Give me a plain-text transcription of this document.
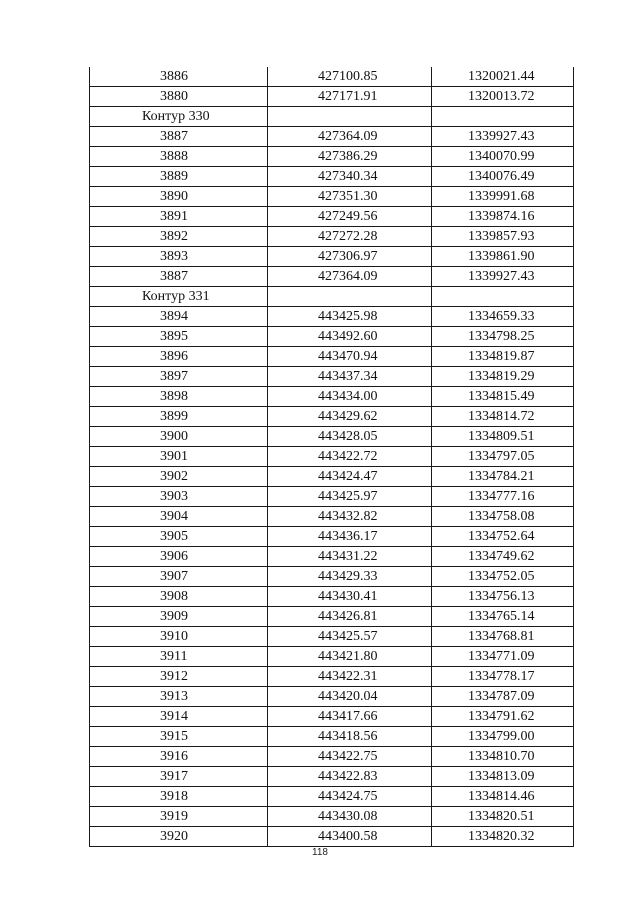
3886	427100.85	1320021.44
3880	427171.91	1320013.72
Контур 330		
3887	427364.09	1339927.43
3888	427386.29	1340070.99
3889	427340.34	1340076.49
3890	427351.30	1339991.68
3891	427249.56	1339874.16
3892	427272.28	1339857.93
3893	427306.97	1339861.90
3887	427364.09	1339927.43
Контур 331		
3894	443425.98	1334659.33
3895	443492.60	1334798.25
3896	443470.94	1334819.87
3897	443437.34	1334819.29
3898	443434.00	1334815.49
3899	443429.62	1334814.72
3900	443428.05	1334809.51
3901	443422.72	1334797.05
3902	443424.47	1334784.21
3903	443425.97	1334777.16
3904	443432.82	1334758.08
3905	443436.17	1334752.64
3906	443431.22	1334749.62
3907	443429.33	1334752.05
3908	443430.41	1334756.13
3909	443426.81	1334765.14
3910	443425.57	1334768.81
3911	443421.80	1334771.09
3912	443422.31	1334778.17
3913	443420.04	1334787.09
3914	443417.66	1334791.62
3915	443418.56	1334799.00
3916	443422.75	1334810.70
3917	443422.83	1334813.09
3918	443424.75	1334814.46
3919	443430.08	1334820.51
3920	443400.58	1334820.32
118
